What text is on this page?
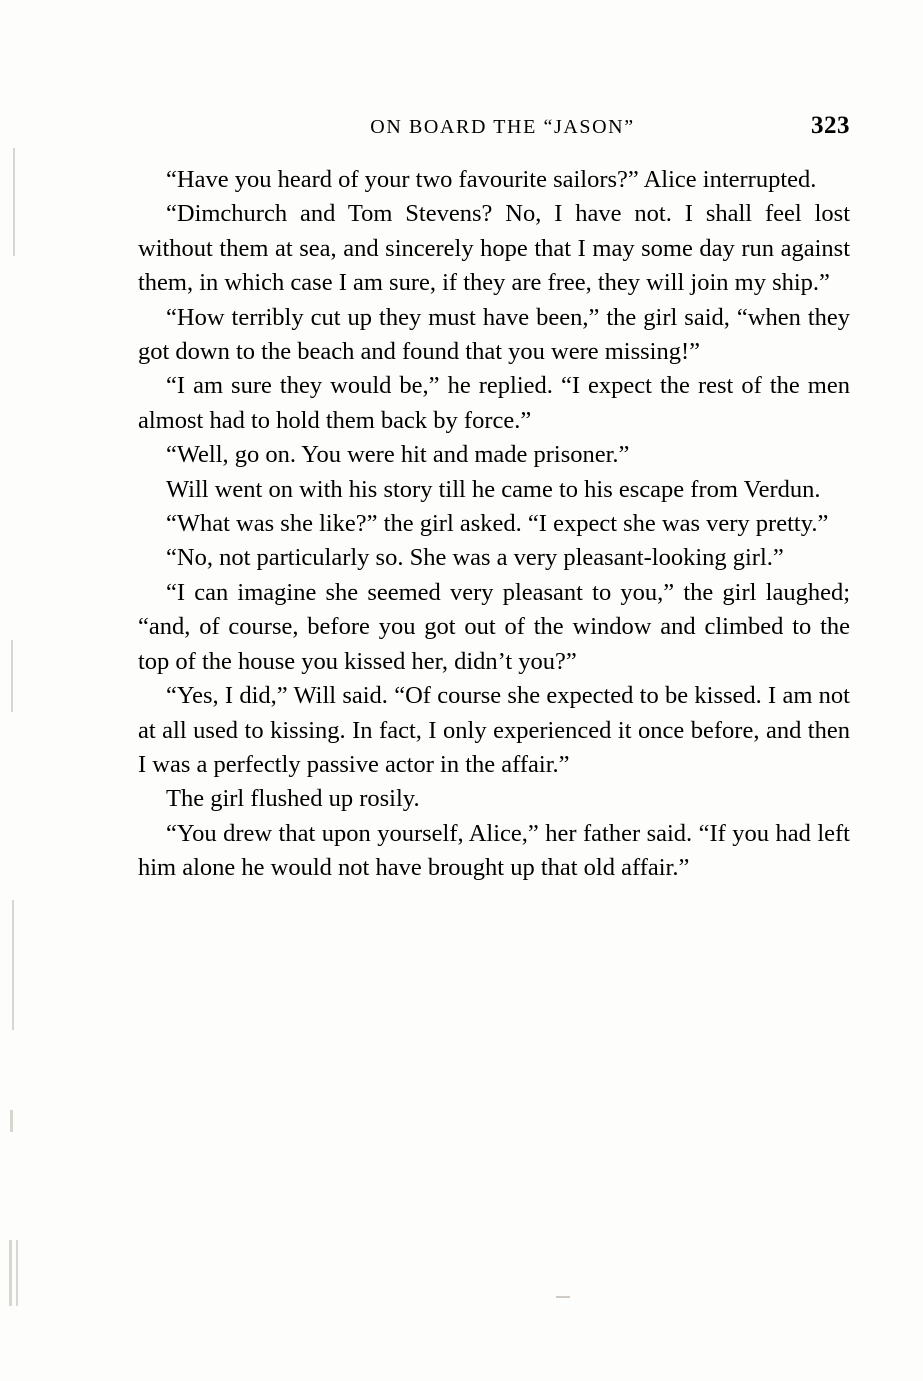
ON BOARD THE “JASON”	323

“Have you heard of your two favourite sailors?” Alice interrupted.

“Dimchurch and Tom Stevens? No, I have not. I shall feel lost without them at sea, and sincerely hope that I may some day run against them, in which case I am sure, if they are free, they will join my ship.”

“How terribly cut up they must have been,” the girl said, “when they got down to the beach and found that you were missing!”

“I am sure they would be,” he replied. “I expect the rest of the men almost had to hold them back by force.”

“Well, go on. You were hit and made prisoner.”

Will went on with his story till he came to his escape from Verdun.

“What was she like?” the girl asked. “I expect she was very pretty.”

“No, not particularly so. She was a very pleasant-looking girl.”

“I can imagine she seemed very pleasant to you,” the girl laughed; “and, of course, before you got out of the window and climbed to the top of the house you kissed her, didn’t you?”

“Yes, I did,” Will said. “Of course she expected to be kissed. I am not at all used to kissing. In fact, I only experienced it once before, and then I was a perfectly passive actor in the affair.”

The girl flushed up rosily.

“You drew that upon yourself, Alice,” her father said. “If you had left him alone he would not have brought up that old affair.”
